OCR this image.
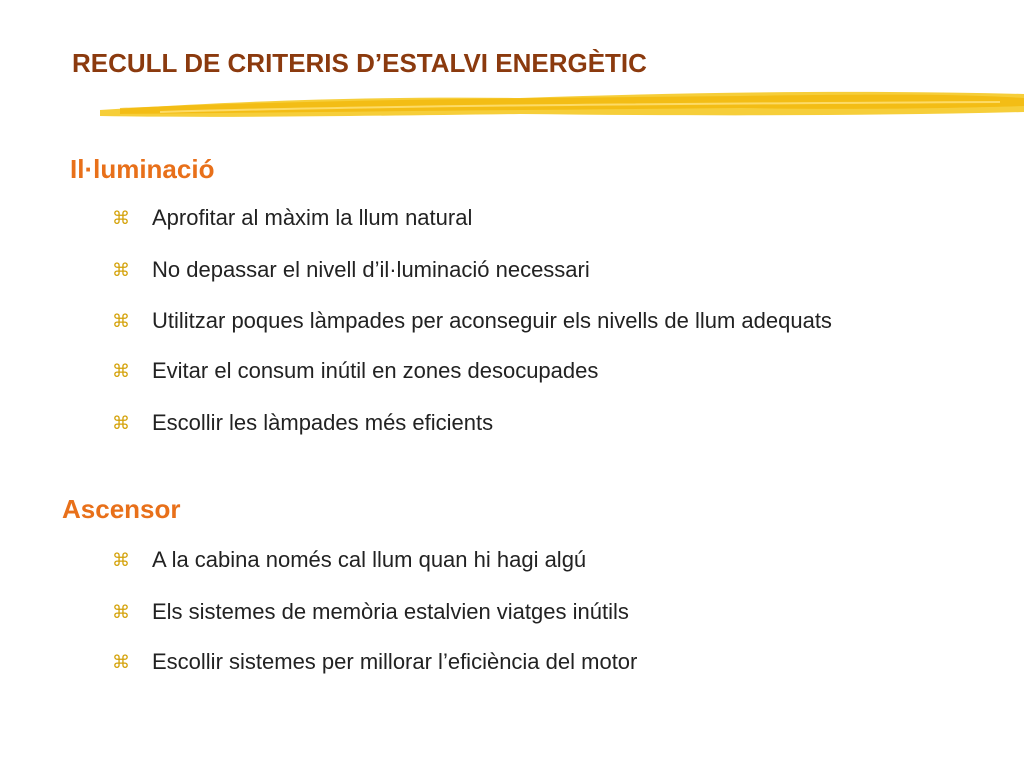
RECULL DE CRITERIS D’ESTALVI ENERGÈTIC
Il·luminació
⌘	Aprofitar al màxim la llum natural
⌘	No depassar el nivell d’il·luminació necessari
⌘	Utilitzar poques làmpades per aconseguir els nivells de llum adequats
⌘	Evitar el consum inútil en zones desocupades
⌘	Escollir les làmpades més eficients
Ascensor
⌘	A la cabina només cal llum quan hi hagi algú
⌘	Els sistemes de memòria estalvien viatges inútils
⌘	Escollir sistemes per millorar l’eficiència del motor
